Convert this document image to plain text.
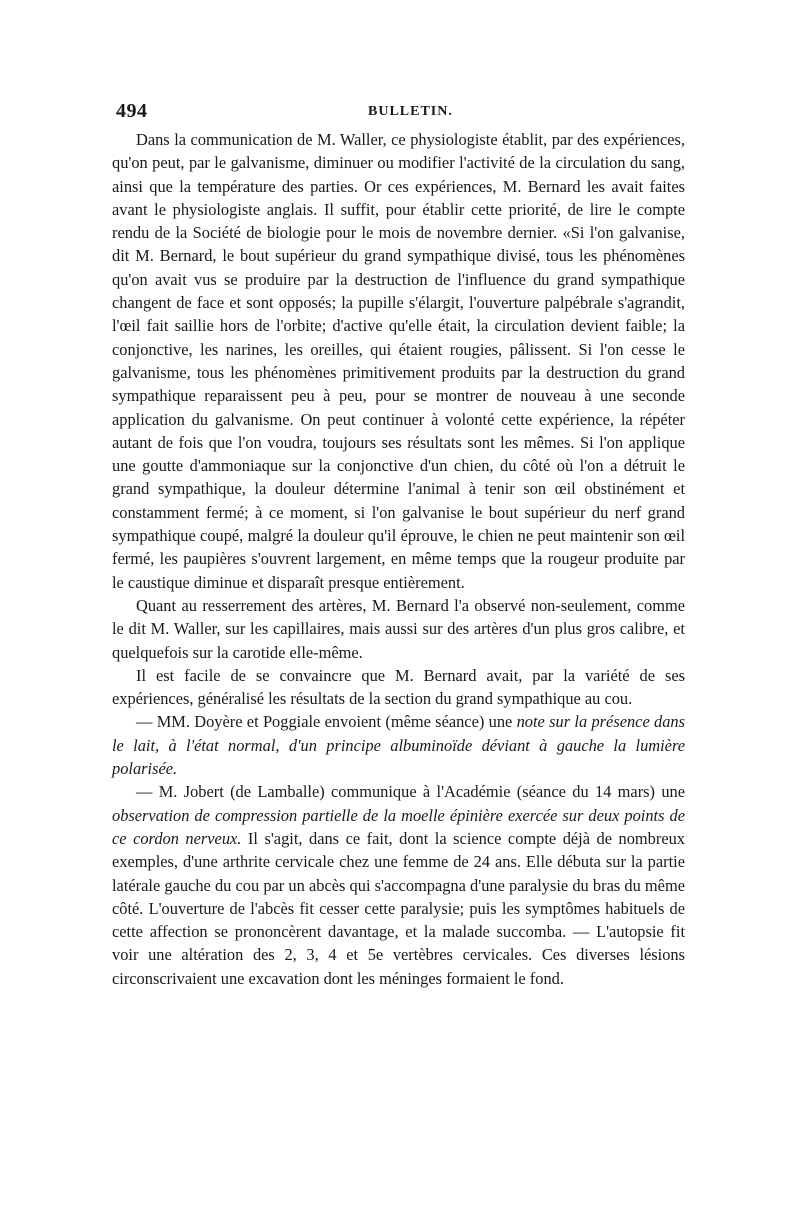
494	BULLETIN.

Dans la communication de M. Waller, ce physiologiste établit, par des expériences, qu'on peut, par le galvanisme, diminuer ou modifier l'activité de la circulation du sang, ainsi que la température des parties. Or ces expériences, M. Bernard les avait faites avant le physiologiste anglais. Il suffit, pour établir cette priorité, de lire le compte rendu de la Société de biologie pour le mois de novembre dernier. «Si l'on galvanise, dit M. Bernard, le bout supérieur du grand sympathique divisé, tous les phénomènes qu'on avait vus se produire par la destruction de l'influence du grand sympathique changent de face et sont opposés; la pupille s'élargit, l'ouverture palpébrale s'agrandit, l'œil fait saillie hors de l'orbite; d'active qu'elle était, la circulation devient faible; la conjonctive, les narines, les oreilles, qui étaient rougies, pâlissent. Si l'on cesse le galvanisme, tous les phénomènes primitivement produits par la destruction du grand sympathique reparaissent peu à peu, pour se montrer de nouveau à une seconde application du galvanisme. On peut continuer à volonté cette expérience, la répéter autant de fois que l'on voudra, toujours ses résultats sont les mêmes. Si l'on applique une goutte d'ammoniaque sur la conjonctive d'un chien, du côté où l'on a détruit le grand sympathique, la douleur détermine l'animal à tenir son œil obstinément et constamment fermé; à ce moment, si l'on galvanise le bout supérieur du nerf grand sympathique coupé, malgré la douleur qu'il éprouve, le chien ne peut maintenir son œil fermé, les paupières s'ouvrent largement, en même temps que la rougeur produite par le caustique diminue et disparaît presque entièrement.

Quant au resserrement des artères, M. Bernard l'a observé non-seulement, comme le dit M. Waller, sur les capillaires, mais aussi sur des artères d'un plus gros calibre, et quelquefois sur la carotide elle-même.

Il est facile de se convaincre que M. Bernard avait, par la variété de ses expériences, généralisé les résultats de la section du grand sympathique au cou.

— MM. Doyère et Poggiale envoient (même séance) une note sur la présence dans le lait, à l'état normal, d'un principe albuminoïde déviant à gauche la lumière polarisée.

— M. Jobert (de Lamballe) communique à l'Académie (séance du 14 mars) une observation de compression partielle de la moelle épinière exercée sur deux points de ce cordon nerveux. Il s'agit, dans ce fait, dont la science compte déjà de nombreux exemples, d'une arthrite cervicale chez une femme de 24 ans. Elle débuta sur la partie latérale gauche du cou par un abcès qui s'accompagna d'une paralysie du bras du même côté. L'ouverture de l'abcès fit cesser cette paralysie; puis les symptômes habituels de cette affection se prononcèrent davantage, et la malade succomba. — L'autopsie fit voir une altération des 2, 3, 4 et 5e vertèbres cervicales. Ces diverses lésions circonscrivaient une excavation dont les méninges formaient le fond.
